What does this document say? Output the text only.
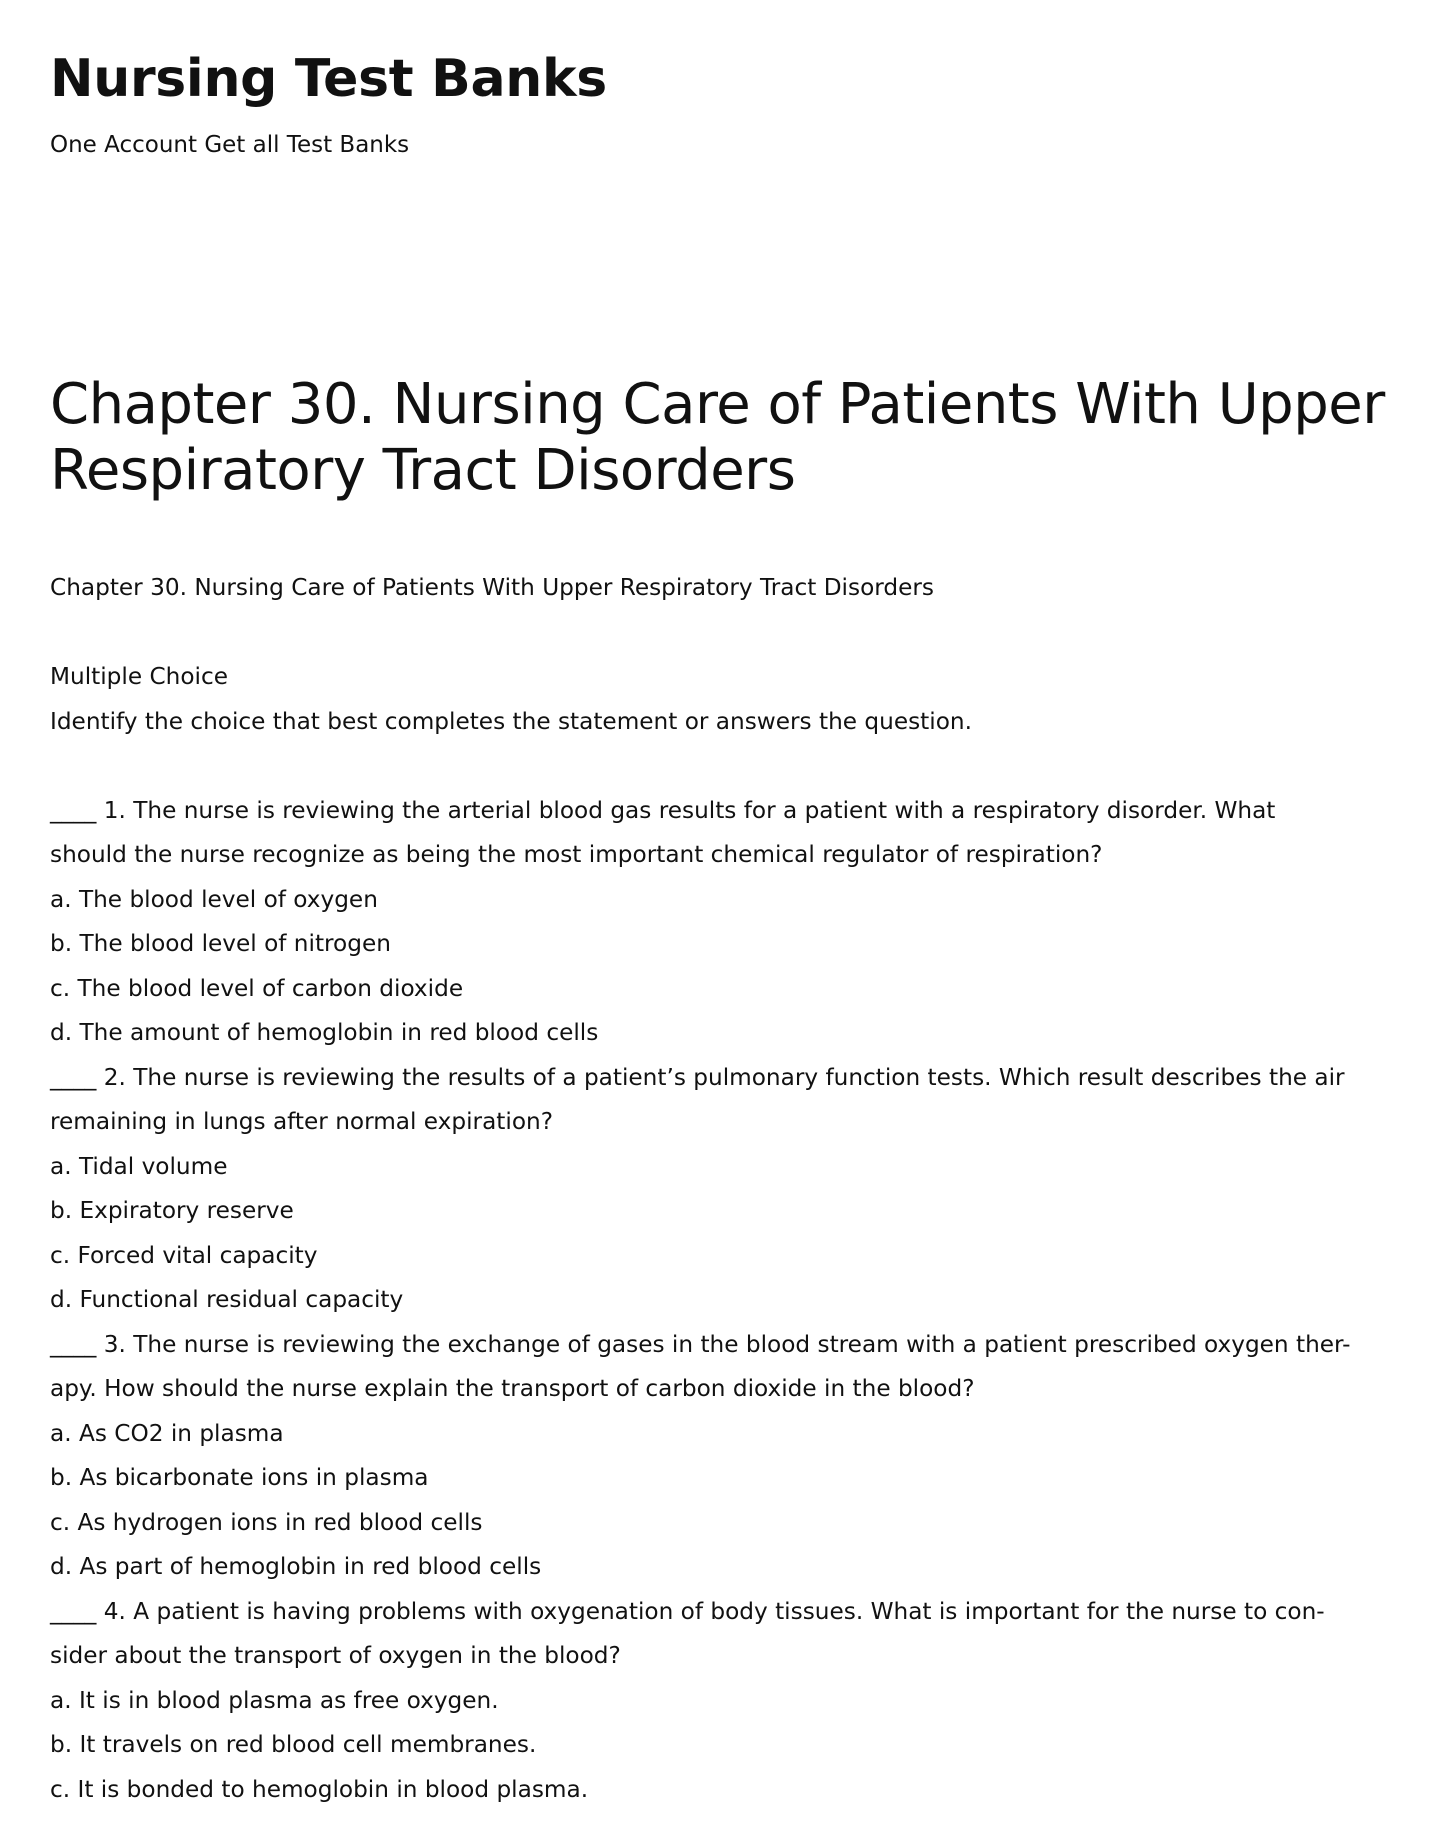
Nursing Test Banks

One Account Get all Test Banks

Chapter 30. Nursing Care of Patients With Upper Respiratory Tract Disorders

Chapter 30. Nursing Care of Patients With Upper Respiratory Tract Disorders

Multiple Choice

Identify the choice that best completes the statement or answers the question.

____ 1. The nurse is reviewing the arterial blood gas results for a patient with a respiratory disorder. What

should the nurse recognize as being the most important chemical regulator of respiration?

a. The blood level of oxygen

b. The blood level of nitrogen

c. The blood level of carbon dioxide

d. The amount of hemoglobin in red blood cells

____ 2. The nurse is reviewing the results of a patient’s pulmonary function tests. Which result describes the air

remaining in lungs after normal expiration?

a. Tidal volume

b. Expiratory reserve

c. Forced vital capacity

d. Functional residual capacity

____ 3. The nurse is reviewing the exchange of gases in the blood stream with a patient prescribed oxygen ther-

apy. How should the nurse explain the transport of carbon dioxide in the blood?

a. As CO2 in plasma

b. As bicarbonate ions in plasma

c. As hydrogen ions in red blood cells

d. As part of hemoglobin in red blood cells

____ 4. A patient is having problems with oxygenation of body tissues. What is important for the nurse to con-

sider about the transport of oxygen in the blood?

a. It is in blood plasma as free oxygen.

b. It travels on red blood cell membranes.

c. It is bonded to hemoglobin in blood plasma.
